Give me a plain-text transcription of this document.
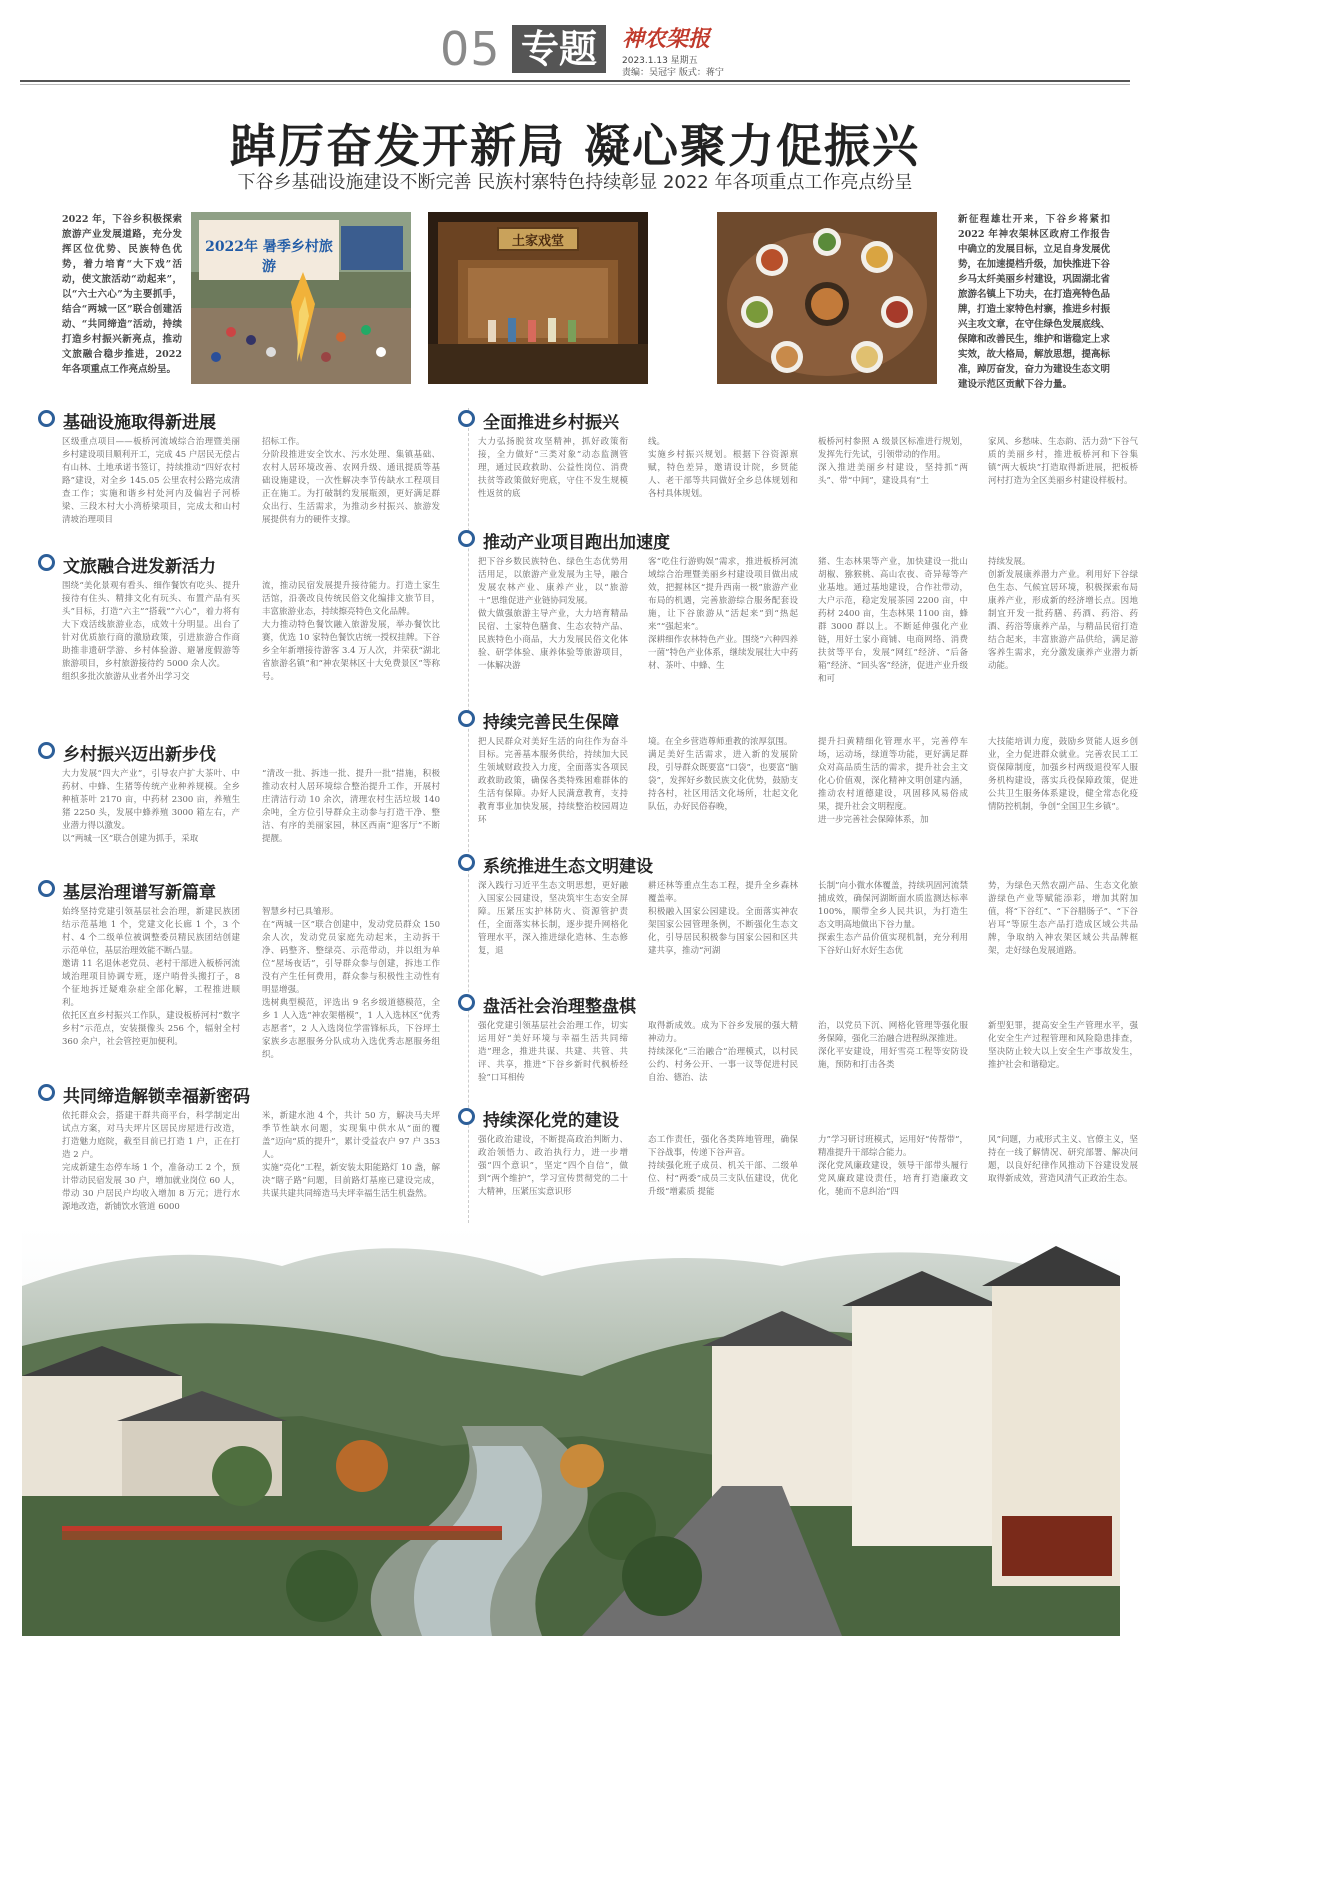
05 专题	神农架报
2023.1.13 星期五
责编：吴冠宇 版式：蒋宁
踔厉奋发开新局 凝心聚力促振兴
下谷乡基础设施建设不断完善 民族村寨特色持续彰显 2022 年各项重点工作亮点纷呈
2022 年，下谷乡积极探索旅游产业发展道路，充分发挥区位优势、民族特色优势，着力培育“大下戏”活动，使文旅活动“动起来”，以“六士六心”为主要抓手，结合“两城一区”联合创建活动、“共同缔造”活动，持续打造乡村振兴新亮点，推动文旅融合稳步推进，2022 年各项重点工作亮点纷呈。
新征程雄壮开来，下谷乡将紧扣 2022 年神农架林区政府工作报告中确立的发展目标，立足自身发展优势，在加速提档升级，加快推进下谷乡马太纤美丽乡村建设，巩固湖北省旅游名镇上下功夫，在打造亮特色品牌，打造土家特色村寨，推进乡村振兴主攻文章，在守住绿色发展底线、保障和改善民生，维护和谐稳定上求实效，故大格局，解放思想，提高标准，踔厉奋发，奋力为建设生态文明建设示范区贡献下谷力量。
2022年 暑季乡村旅游
土家戏堂
基础设施取得新进展
区级重点项目——板桥河流域综合治理暨美丽乡村建设项目顺利开工，完成 45 户居民无偿占有山林、土地承诺书签订，持续推动“四好农村路”建设，对全乡 145.05 公里农村公路完成清查工作；实施和谐乡村处河内及偏岩子河桥梁、三段木村大小湾桥梁项目，完成太和山村清坡治理项目
招标工作。
分阶段推进安全饮水、污水处理、集镇基础、农村人居环境改善、农网升级、通讯提质等基础设施建设，一次性解决李节传缺水工程项目正在施工。为打破制约发展瓶颈，更好满足群众出行、生活需求，为推动乡村振兴、旅游发展提供有力的硬件支撑。
文旅融合进发新活力
围绕“美化景观有看头、细作餐饮有吃头、提升接待有住头、精排文化有玩头、布置产品有买头”目标，打造“六主”“搭载”“六心”，着力将有大下戏活线旅游业态，成效十分明显。出台了针对优质旅行商的激励政策，引进旅游合作商助推非遗研学游、乡村体验游、避暑度假游等旅游项目，乡村旅游接待约 5000 余人次。
组织多批次旅游从业者外出学习交
流，推动民宿发展提升接待能力。打造土家生活馆，沿袭改良传统民俗文化编排文旅节目，丰富旅游业态，持续擦亮特色文化品牌。
大力推动特色餐饮融入旅游发展，举办餐饮比赛，优选 10 家特色餐饮店统一授权挂牌。下谷乡全年新增接待游客 3.4 万人次，并荣获“湖北省旅游名镇”和“神农架林区十大免费景区”等称号。
乡村振兴迈出新步伐
大力发展“四大产业”，引导农户扩大茶叶、中药材、中蜂、生猪等传统产业种养规模。全乡种植茶叶 2170 亩，中药材 2300 亩，养殖生猪 2250 头，发展中蜂养殖 3000 箱左右，产业潜力得以激发。
以“两城一区”联合创建为抓手，采取
“清改一批、拆违一批、提升一批”措施，积极推动农村人居环境综合整治提升工作，开展村庄清洁行动 10 余次，清理农村生活垃圾 140 余吨，全方位引导群众主动参与打造干净、整洁、有序的美丽家园，林区西南“迎客厅”不断提靓。
基层治理谱写新篇章
始终坚持党建引领基层社会治理，新建民族团结示范基地 1 个，党建文化长廊 1 个，3 个村、4 个二级单位被调整委员精民族团结创建示范单位，基层治理效能不断凸显。
邀请 11 名退休老党员、老村干部进入板桥河流域治理项目协调专班，逐户哨骨头搬打子，8 个征地拆迁疑难杂症全部化解，工程推进顺利。
依托区直乡村振兴工作队，建设板桥河村“数字乡村”示范点，安装摄像头 256 个，辐射全村 360 余户，社会管控更加便利。
智慧乡村已具雏形。
在“两城一区”联合创建中，发动党员群众 150 余人次，发动党员家庭先动起来，主动拆干净、码整齐、整绿亮、示范带动，并以组为单位“屋场夜话”，引导群众参与创建，拆违工作没有产生任何费用，群众参与积极性主动性有明显增强。
选树典型模范，评选出 9 名乡级道德模范，全乡 1 人入选“神农架楷模”，1 人入选林区“优秀志愿者”，2 人入选岗位学雷锋标兵，下谷坪土家族乡志愿服务分队成功入选优秀志愿服务组织。
共同缔造解锁幸福新密码
依托群众会，搭建干群共商平台，科学制定出试点方案，对马夫坪片区居民房屋进行改造，打造魅力庭院，截至目前已打造 1 户，正在打造 2 户。
完成新建生态停车场 1 个，准备动工 2 个，预计带动民宿发展 30 户，增加就业岗位 60 人，带动 30 户居民户均收入增加 8 万元；进行水源地改造，新铺饮水管道 6000
米，新建水池 4 个，共计 50 方，解决马夫坪季节性缺水问题，实现集中供水从“面的覆盖”迈向“质的提升”，累计受益农户 97 户 353 人。
实施“亮化”工程，新安装太阳能路灯 10 盏，解决“瞎子路”问题，目前路灯基座已建设完成，共谋共建共同缔造马夫坪幸福生活生机盎然。
全面推进乡村振兴
大力弘扬脱贫攻坚精神，抓好政策衔接，全力做好“三类对象”动态监测管理，通过民政救助、公益性岗位、消费扶贫等政策做好兜底，守住不发生规模性返贫的底
线。
实施乡村振兴规划。根据下谷资源禀赋，特色差异，邀请设计院，乡贤能人、老干部等共同做好全乡总体规划和各村具体规划。
板桥河村参照 A 级景区标准进行规划，发挥先行先试，引领带动的作用。
深入推进美丽乡村建设，坚持抓“两头”、带“中间”，建设具有“土
家风、乡愁味、生态韵、活力劲”下谷气质的美丽乡村，推进板桥河和下谷集镇“两大板块”打造取得新进展，把板桥河村打造为全区美丽乡村建设样板村。
推动产业项目跑出加速度
把下谷乡数民族特色、绿色生态优势用活用足，以旅游产业发展为主导，融合发展农林产业、康养产业，以“旅游＋”思维促进产业链协同发展。
做大做强旅游主导产业，大力培育精品民宿、土家特色膳食、生态农特产品、民族特色小商品，大力发展民俗文化体验、研学体验、康养体验等旅游项目，一体解决游
客“吃住行游购娱”需求，推进板桥河流域综合治理暨美丽乡村建设项目做出成效，把握林区“提升西南一极”旅游产业布局的机遇，完善旅游综合服务配套设施，让下谷旅游从“活起来”到“热起来”“强起来”。
深耕细作农林特色产业。围绕“六种四养一菌”特色产业体系，继续发展壮大中药材、茶叶、中蜂、生
猪、生态林果等产业，加快建设一批山胡椒、猕猴桃、高山农夜、奇异莓等产业基地。通过基地建设，合作社带动，大户示范，稳定发展茶园 2200 亩，中药材 2400 亩，生态林果 1100 亩，蜂群 3000 群以上。不断延伸强化产业链，用好土家小商铺、电商网络、消费扶贫等平台，发展“网红”经济、“后备箱”经济、“回头客”经济，促进产业升级和可
持续发展。
创新发展康养潜力产业。利用好下谷绿色生态、气候宜居环境，积极探索布局康养产业，形成新的经济增长点。因地制宜开发一批药膳、药酒、药浴、药酒、药浴等康养产品，与精品民宿打造结合起来，丰富旅游产品供给，满足游客养生需求，充分激发康养产业潜力新动能。
持续完善民生保障
把人民群众对美好生活的向往作为奋斗目标。完善基本服务供给，持续加大民生领域财政投入力度，全面落实各项民政救助政策，确保各类特殊困难群体的生活有保障。办好人民满意教育，支持教育事业加快发展，持续整治校园周边环
境。在全乡营造尊师重教的浓厚氛围。
满足美好生活需求，进入新的发展阶段，引导群众既要富“口袋”，也要富“脑袋”，发挥好乡数民族文化优势，鼓励支持各村，社区用活文化场所，壮起文化队伍，办好民俗春晚，
提升扫黄精细化管理水平，完善停车场，运动场，绿道等功能，更好满足群众对高品质生活的需求，提升社会主文化心价值观，深化精神文明创建内涵，推动农村道德建设，巩固移风易俗成果，提升社会文明程度。
进一步完善社会保障体系，加
大技能培训力度，鼓励乡贤能人返乡创业，全力促进群众就业。完善农民工工资保障制度，加强乡村两级退役军人服务机构建设，落实兵役保障政策，促进公共卫生服务体系建设，健全常态化疫情防控机制，争创“全国卫生乡镇”。
系统推进生态文明建设
深入践行习近平生态文明思想，更好融入国家公园建设，坚决筑牢生态安全屏障。压紧压实护林防火、资源管护责任，全面落实林长制，逐步提升网格化管理水平，深入推进绿化造林、生态修复，退
耕还林等重点生态工程，提升全乡森林覆盖率。
积极融入国家公园建设。全面落实神农架国家公园管理条例，不断强化生态文化，引导居民积极参与国家公园和区共建共享，推动“河湖
长制”向小微水体覆盖，持续巩固河流禁捕成效，确保河湖断面水质监测达标率 100%，顺带全乡人民共识，为打造生态文明高地做出下谷力量。
探索生态产品价值实现机制，充分利用下谷好山好水好生态优
势，为绿色天然农副产品、生态文化旅游绿色产业等赋能添彩，增加其附加值，将“下谷红”、“下谷腊肠子”、“下谷岩耳”等原生态产品打造成区域公共品牌，争取纳入神农架区域公共品牌框架，走好绿色发展道路。
盘活社会治理整盘棋
强化党建引领基层社会治理工作，切实运用好“美好环境与幸福生活共同缔造”理念，推进共谋、共建、共管、共评、共享，推进“下谷乡新时代枫桥经验”口耳相传
取得新成效。成为下谷乡发展的强大精神动力。
持续深化“三治融合”治理模式，以村民公约、村务公开、一事一议等促进村民自治、德治、法
治，以党员下沉、网格化管理等强化服务保障，强化三治融合进程纵深推进。
深化平安建设，用好雪亮工程等安防设施，预防和打击各类
新型犯罪，提高安全生产管理水平，强化安全生产过程管理和风险隐患排查，坚决防止较大以上安全生产事故发生，推护社会和谐稳定。
持续深化党的建设
强化政治建设，不断提高政治判断力、政治领悟力、政治执行力，进一步增强“四个意识”，坚定“四个自信”，做到“两个维护”，学习宣传贯彻党的二十大精神，压紧压实意识形
态工作责任，强化各类阵地管理，确保下谷战事，传递下谷声音。
持续强化班子成员、机关干部、二级单位、村“两委”成员三支队伍建设，优化升级“增素质 提能
力”学习研讨班模式，运用好“传帮带”，精准提升干部综合能力。
深化党风廉政建设，领导干部带头履行党风廉政建设责任，培育打造廉政文化，驰而不息纠治“四
风”问题，力戒形式主义、官僚主义，坚持在一线了解情况、研究部署、解决问题，以良好纪律作风推动下谷建设发展取得新成效，营造风清气正政治生态。
